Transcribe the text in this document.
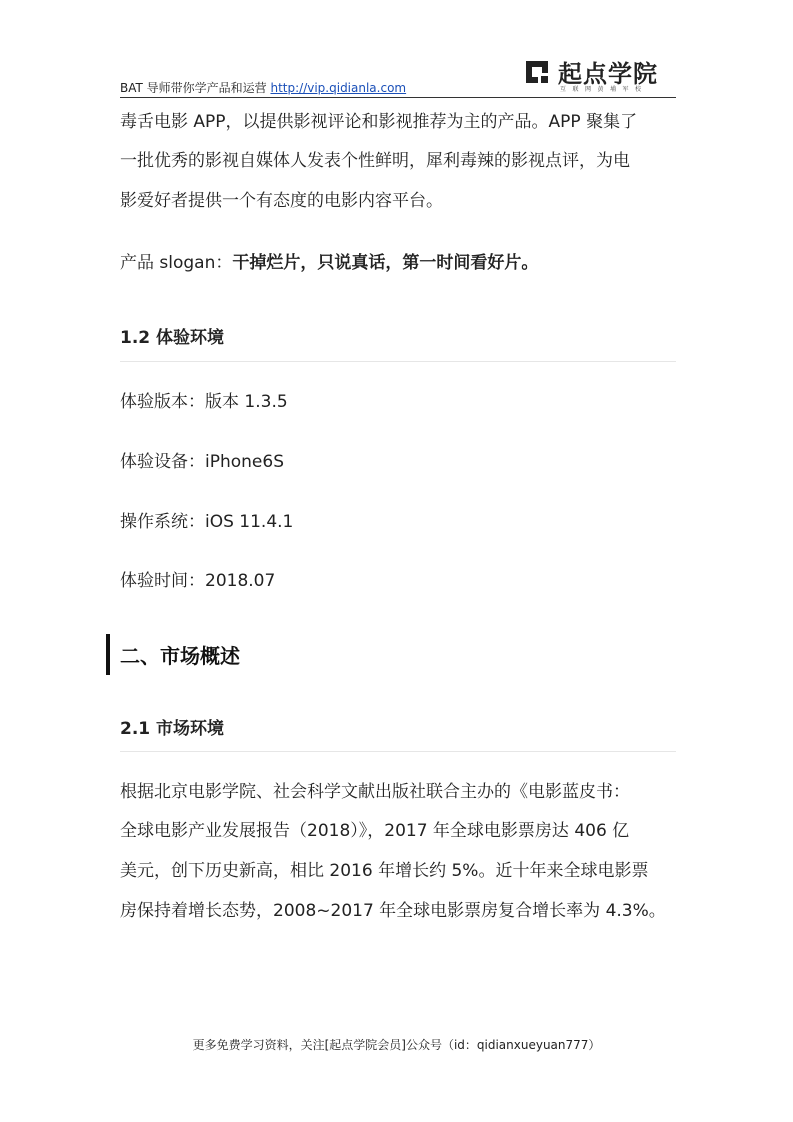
BAT 导师带你学产品和运营 http://vip.qidianla.com	起点学院
互联网黄埔军校
毒舌电影 APP，以提供影视评论和影视推荐为主的产品。APP 聚集了
一批优秀的影视自媒体人发表个性鲜明，犀利毒辣的影视点评，为电
影爱好者提供一个有态度的电影内容平台。
产品 slogan：干掉烂片，只说真话，第一时间看好片。
1.2 体验环境
体验版本：版本 1.3.5
体验设备：iPhone6S
操作系统：iOS 11.4.1
体验时间：2018.07
二、市场概述
2.1 市场环境
根据北京电影学院、社会科学文献出版社联合主办的《电影蓝皮书：
全球电影产业发展报告（2018）》，2017 年全球电影票房达 406 亿
美元，创下历史新高，相比 2016 年增长约 5%。近十年来全球电影票
房保持着增长态势，2008~2017 年全球电影票房复合增长率为 4.3%。
更多免费学习资料，关注[起点学院会员]公众号（id：qidianxueyuan777）
